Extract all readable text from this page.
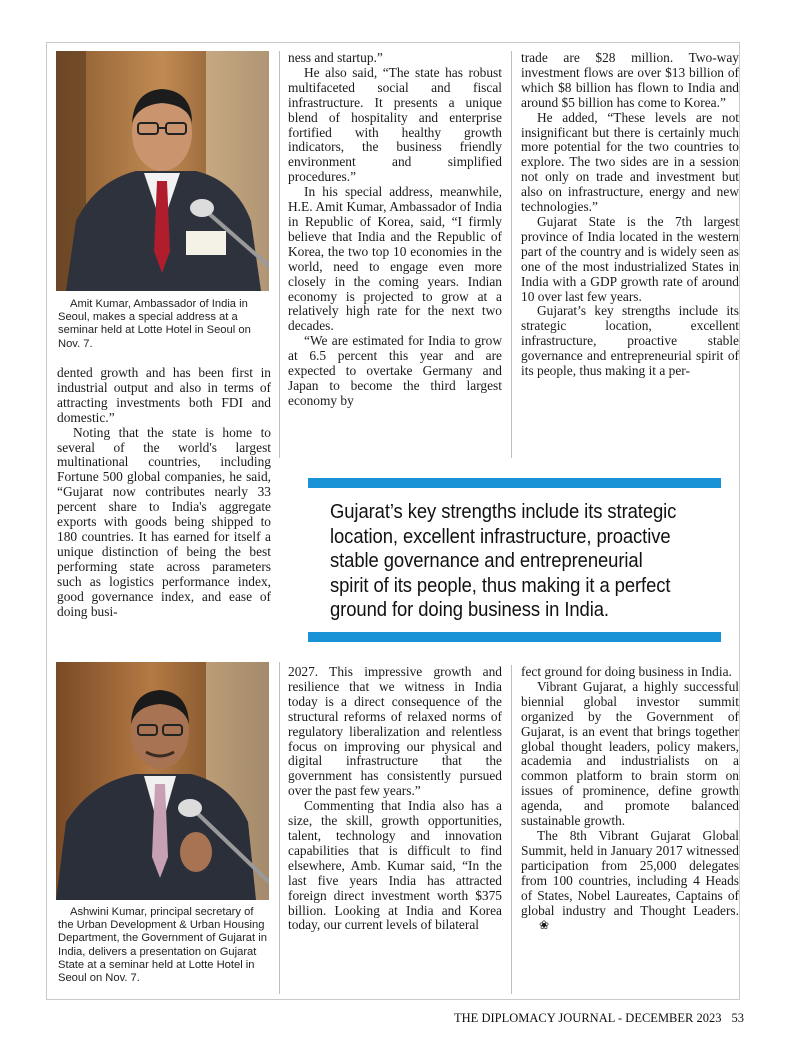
Amit Kumar, Ambassador of India in Seoul, makes a special address at a seminar held at Lotte Hotel in Seoul on Nov. 7.

dented growth and has been first in industrial output and also in terms of attracting investments both FDI and domestic.”

Noting that the state is home to several of the world's largest multinational countries, including Fortune 500 global companies, he said, “Gujarat now contributes nearly 33 percent share to India's aggregate exports with goods being shipped to 180 countries. It has earned for itself a unique distinction of being the best performing state across parameters such as logistics performance index, good governance index, and ease of doing busi-

ness and startup.”

He also said, “The state has robust multifaceted social and fiscal infrastructure. It presents a unique blend of hospitality and enterprise fortified with healthy growth indicators, the business friendly environment and simplified procedures.”

In his special address, meanwhile, H.E. Amit Kumar, Ambassador of India in Republic of Korea, said, “I firmly believe that India and the Republic of Korea, the two top 10 economies in the world, need to engage even more closely in the coming years. Indian economy is projected to grow at a relatively high rate for the next two decades.

“We are estimated for India to grow at 6.5 percent this year and are expected to overtake Germany and Japan to become the third largest economy by

trade are $28 million. Two-way investment flows are over $13 billion of which $8 billion has flown to India and around $5 billion has come to Korea.”

He added, “These levels are not insignificant but there is certainly much more potential for the two countries to explore. The two sides are in a session not only on trade and investment but also on infrastructure, energy and new technologies.”

Gujarat State is the 7th largest province of India located in the western part of the country and is widely seen as one of the most industrialized States in India with a GDP growth rate of around 10 over last few years.

Gujarat’s key strengths include its strategic location, excellent infrastructure, proactive stable governance and entrepreneurial spirit of its people, thus making it a per-

Gujarat’s key strengths include its strategic location, excellent infrastructure, proactive stable governance and entrepreneurial spirit of its people, thus making it a perfect ground for doing business in India.

Ashwini Kumar, principal secretary of the Urban Development & Urban Housing Department, the Government of Gujarat in India, delivers a presentation on Gujarat State at a seminar held at Lotte Hotel in Seoul on Nov. 7.

2027. This impressive growth and resilience that we witness in India today is a direct consequence of the structural reforms of relaxed norms of regulatory liberalization and relentless focus on improving our physical and digital infrastructure that the government has consistently pursued over the past few years.”

Commenting that India also has a size, the skill, growth opportunities, talent, technology and innovation capabilities that is difficult to find elsewhere, Amb. Kumar said, “In the last five years India has attracted foreign direct investment worth $375 billion. Looking at India and Korea today, our current levels of bilateral

fect ground for doing business in India.

Vibrant Gujarat, a highly successful biennial global investor summit organized by the Government of Gujarat, is an event that brings together global thought leaders, policy makers, academia and industrialists on a common platform to brain storm on issues of prominence, define growth agenda, and promote balanced sustainable growth.

The 8th Vibrant Gujarat Global Summit, held in January 2017 witnessed participation from 25,000 delegates from 100 countries, including 4 Heads of States, Nobel Laureates, Captains of global industry and Thought Leaders.❀

THE DIPLOMACY JOURNAL - DECEMBER 2023 53
